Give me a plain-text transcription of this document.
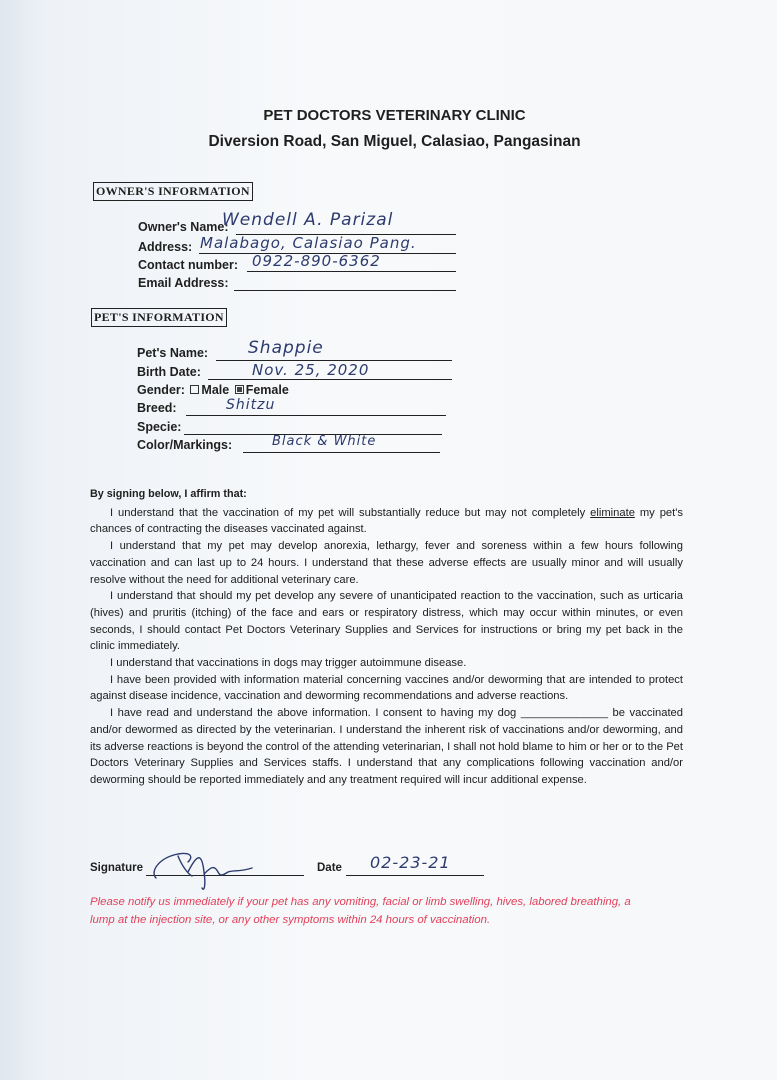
PET DOCTORS VETERINARY CLINIC
Diversion Road, San Miguel, Calasiao, Pangasinan
OWNER'S INFORMATION
Owner's Name:
Wendell A. Parizal
Address: Malabago, Calasiao Pang.
Contact number: 0922-890-6362
Email Address:
PET'S INFORMATION
Pet's Name: Shappie
Birth Date:	Nov. 25, 2020
Gender: Male Female
Breed:	Shitzu
Specie:
Color/Markings:	Black & White

By signing below, I affirm that:

I understand that the vaccination of my pet will substantially reduce but may not completely eliminate my pet's chances of contracting the diseases vaccinated against.

I understand that my pet may develop anorexia, lethargy, fever and soreness within a few hours following vaccination and can last up to 24 hours. I understand that these adverse effects are usually minor and will usually resolve without the need for additional veterinary care.

I understand that should my pet develop any severe of unanticipated reaction to the vaccination, such as urticaria (hives) and pruritis (itching) of the face and ears or respiratory distress, which may occur within minutes, or even seconds, I should contact Pet Doctors Veterinary Supplies and Services for instructions or bring my pet back in the clinic immediately.

I understand that vaccinations in dogs may trigger autoimmune disease.

I have been provided with information material concerning vaccines and/or deworming that are intended to protect against disease incidence, vaccination and deworming recommendations and adverse reactions.

I have read and understand the above information. I consent to having my dog ______________ be vaccinated and/or dewormed as directed by the veterinarian. I understand the inherent risk of vaccinations and/or deworming, and its adverse reactions is beyond the control of the attending veterinarian, I shall not hold blame to him or her or to the Pet Doctors Veterinary Supplies and Services staffs. I understand that any complications following vaccination and/or deworming should be reported immediately and any treatment required will incur additional expense.

Signature	Date 02-23-21
Please notify us immediately if your pet has any vomiting, facial or limb swelling, hives, labored breathing, a lump at the injection site, or any other symptoms within 24 hours of vaccination.
